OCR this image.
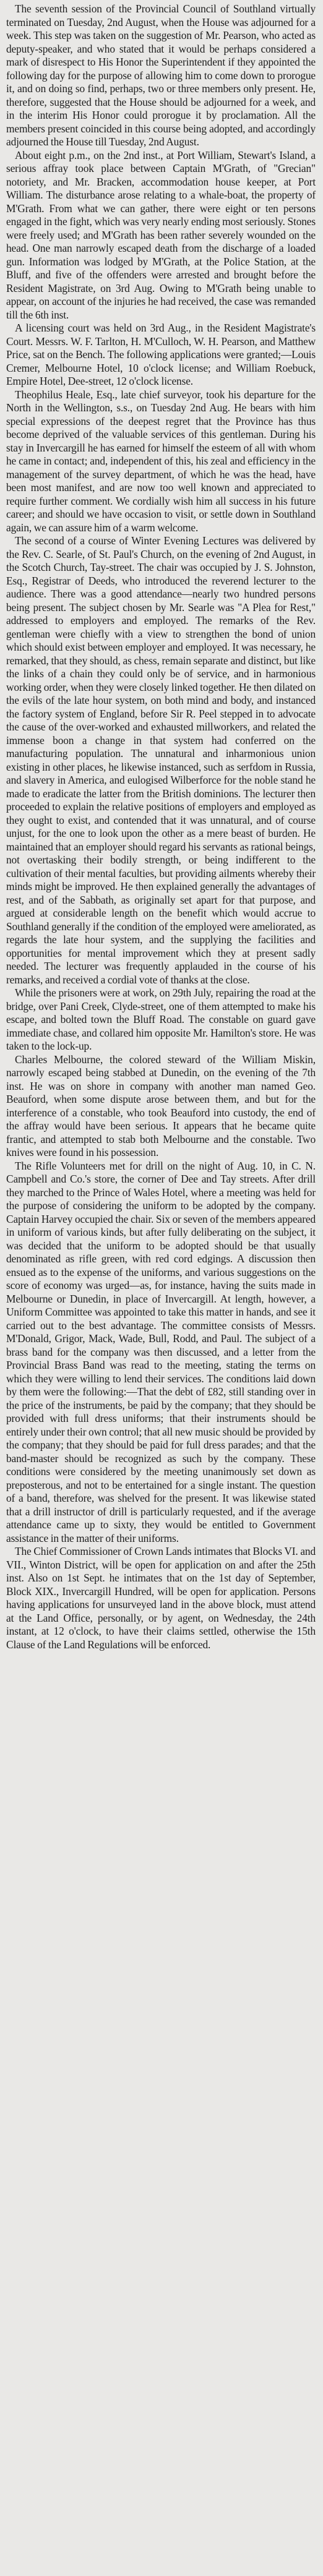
The seventh session of the Provincial Council of Southland virtually terminated on Tuesday, 2nd August, when the House was adjourned for a week. This step was taken on the suggestion of Mr. Pearson, who acted as deputy-speaker, and who stated that it would be perhaps considered a mark of disrespect to His Honor the Superintendent if they appointed the following day for the purpose of allowing him to come down to prorogue it, and on doing so find, perhaps, two or three members only present. He, therefore, suggested that the House should be adjourned for a week, and in the interim His Honor could prorogue it by proclamation. All the members present coincided in this course being adopted, and accordingly adjourned the House till Tuesday, 2nd August.

About eight p.m., on the 2nd inst., at Port William, Stewart's Island, a serious affray took place between Captain M'Grath, of "Grecian" notoriety, and Mr. Bracken, accommodation house keeper, at Port William. The disturbance arose relating to a whale-boat, the property of M'Grath. From what we can gather, there were eight or ten persons engaged in the fight, which was very nearly ending most seriously. Stones were freely used; and M'Grath has been rather severely wounded on the head. One man narrowly escaped death from the discharge of a loaded gun. Information was lodged by M'Grath, at the Police Station, at the Bluff, and five of the offenders were arrested and brought before the Resident Magistrate, on 3rd Aug. Owing to M'Grath being unable to appear, on account of the injuries he had received, the case was remanded till the 6th inst.

A licensing court was held on 3rd Aug., in the Resident Magistrate's Court. Messrs. W. F. Tarlton, H. M'Culloch, W. H. Pearson, and Matthew Price, sat on the Bench. The following applications were granted;—Louis Cremer, Melbourne Hotel, 10 o'clock license; and William Roebuck, Empire Hotel, Dee-street, 12 o'clock license.

Theophilus Heale, Esq., late chief surveyor, took his departure for the North in the Wellington, s.s., on Tuesday 2nd Aug. He bears with him special expressions of the deepest regret that the Province has thus become deprived of the valuable services of this gentleman. During his stay in Invercargill he has earned for himself the esteem of all with whom he came in contact; and, independent of this, his zeal and efficiency in the management of the survey department, of which he was the head, have been most manifest, and are now too well known and appreciated to require further comment. We cordially wish him all success in his future career; and should we have occasion to visit, or settle down in Southland again, we can assure him of a warm welcome.

The second of a course of Winter Evening Lectures was delivered by the Rev. C. Searle, of St. Paul's Church, on the evening of 2nd August, in the Scotch Church, Tay-street. The chair was occupied by J. S. Johnston, Esq., Registrar of Deeds, who introduced the reverend lecturer to the audience. There was a good attendance—nearly two hundred persons being present. The subject chosen by Mr. Searle was "A Plea for Rest," addressed to employers and employed. The remarks of the Rev. gentleman were chiefly with a view to strengthen the bond of union which should exist between employer and employed. It was necessary, he remarked, that they should, as chess, remain separate and distinct, but like the links of a chain they could only be of service, and in harmonious working order, when they were closely linked together. He then dilated on the evils of the late hour system, on both mind and body, and instanced the factory system of England, before Sir R. Peel stepped in to advocate the cause of the over-worked and exhausted millworkers, and related the immense boon a change in that system had conferred on the manufacturing population. The unnatural and inharmonious union existing in other places, he likewise instanced, such as serfdom in Russia, and slavery in America, and eulogised Wilberforce for the noble stand he made to eradicate the latter from the British dominions. The lecturer then proceeded to explain the relative positions of employers and employed as they ought to exist, and contended that it was unnatural, and of course unjust, for the one to look upon the other as a mere beast of burden. He maintained that an employer should regard his servants as rational beings, not overtasking their bodily strength, or being indifferent to the cultivation of their mental faculties, but providing ailments whereby their minds might be improved. He then explained generally the advantages of rest, and of the Sabbath, as originally set apart for that purpose, and argued at considerable length on the benefit which would accrue to Southland generally if the condition of the employed were ameliorated, as regards the late hour system, and the supplying the facilities and opportunities for mental improvement which they at present sadly needed. The lecturer was frequently applauded in the course of his remarks, and received a cordial vote of thanks at the close.

While the prisoners were at work, on 29th July, repairing the road at the bridge, over Pani Creek, Clyde-street, one of them attempted to make his escape, and bolted town the Bluff Road. The constable on guard gave immediate chase, and collared him opposite Mr. Hamilton's store. He was taken to the lock-up.

Charles Melbourne, the colored steward of the William Miskin, narrowly escaped being stabbed at Dunedin, on the evening of the 7th inst. He was on shore in company with another man named Geo. Beauford, when some dispute arose between them, and but for the interference of a constable, who took Beauford into custody, the end of the affray would have been serious. It appears that he became quite frantic, and attempted to stab both Melbourne and the constable. Two knives were found in his possession.

The Rifle Volunteers met for drill on the night of Aug. 10, in C. N. Campbell and Co.'s store, the corner of Dee and Tay streets. After drill they marched to the Prince of Wales Hotel, where a meeting was held for the purpose of considering the uniform to be adopted by the company. Captain Harvey occupied the chair. Six or seven of the members appeared in uniform of various kinds, but after fully deliberating on the subject, it was decided that the uniform to be adopted should be that usually denominated as rifle green, with red cord edgings. A discussion then ensued as to the expense of the uniforms, and various suggestions on the score of economy was urged—as, for instance, having the suits made in Melbourne or Dunedin, in place of Invercargill. At length, however, a Uniform Committee was appointed to take this matter in hands, and see it carried out to the best advantage. The committee consists of Messrs. M'Donald, Grigor, Mack, Wade, Bull, Rodd, and Paul. The subject of a brass band for the company was then discussed, and a letter from the Provincial Brass Band was read to the meeting, stating the terms on which they were willing to lend their services. The conditions laid down by them were the following:—That the debt of £82, still standing over in the price of the instruments, be paid by the company; that they should be provided with full dress uniforms; that their instruments should be entirely under their own control; that all new music should be provided by the company; that they should be paid for full dress parades; and that the band-master should be recognized as such by the company. These conditions were considered by the meeting unanimously set down as preposterous, and not to be entertained for a single instant. The question of a band, therefore, was shelved for the present. It was likewise stated that a drill instructor of drill is particularly requested, and if the average attendance came up to sixty, they would be entitled to Government assistance in the matter of their uniforms.

The Chief Commissioner of Crown Lands intimates that Blocks VI. and VII., Winton District, will be open for application on and after the 25th inst. Also on 1st Sept. he intimates that on the 1st day of September, Block XIX., Invercargill Hundred, will be open for application. Persons having applications for unsurveyed land in the above block, must attend at the Land Office, personally, or by agent, on Wednesday, the 24th instant, at 12 o'clock, to have their claims settled, otherwise the 15th Clause of the Land Regulations will be enforced.
